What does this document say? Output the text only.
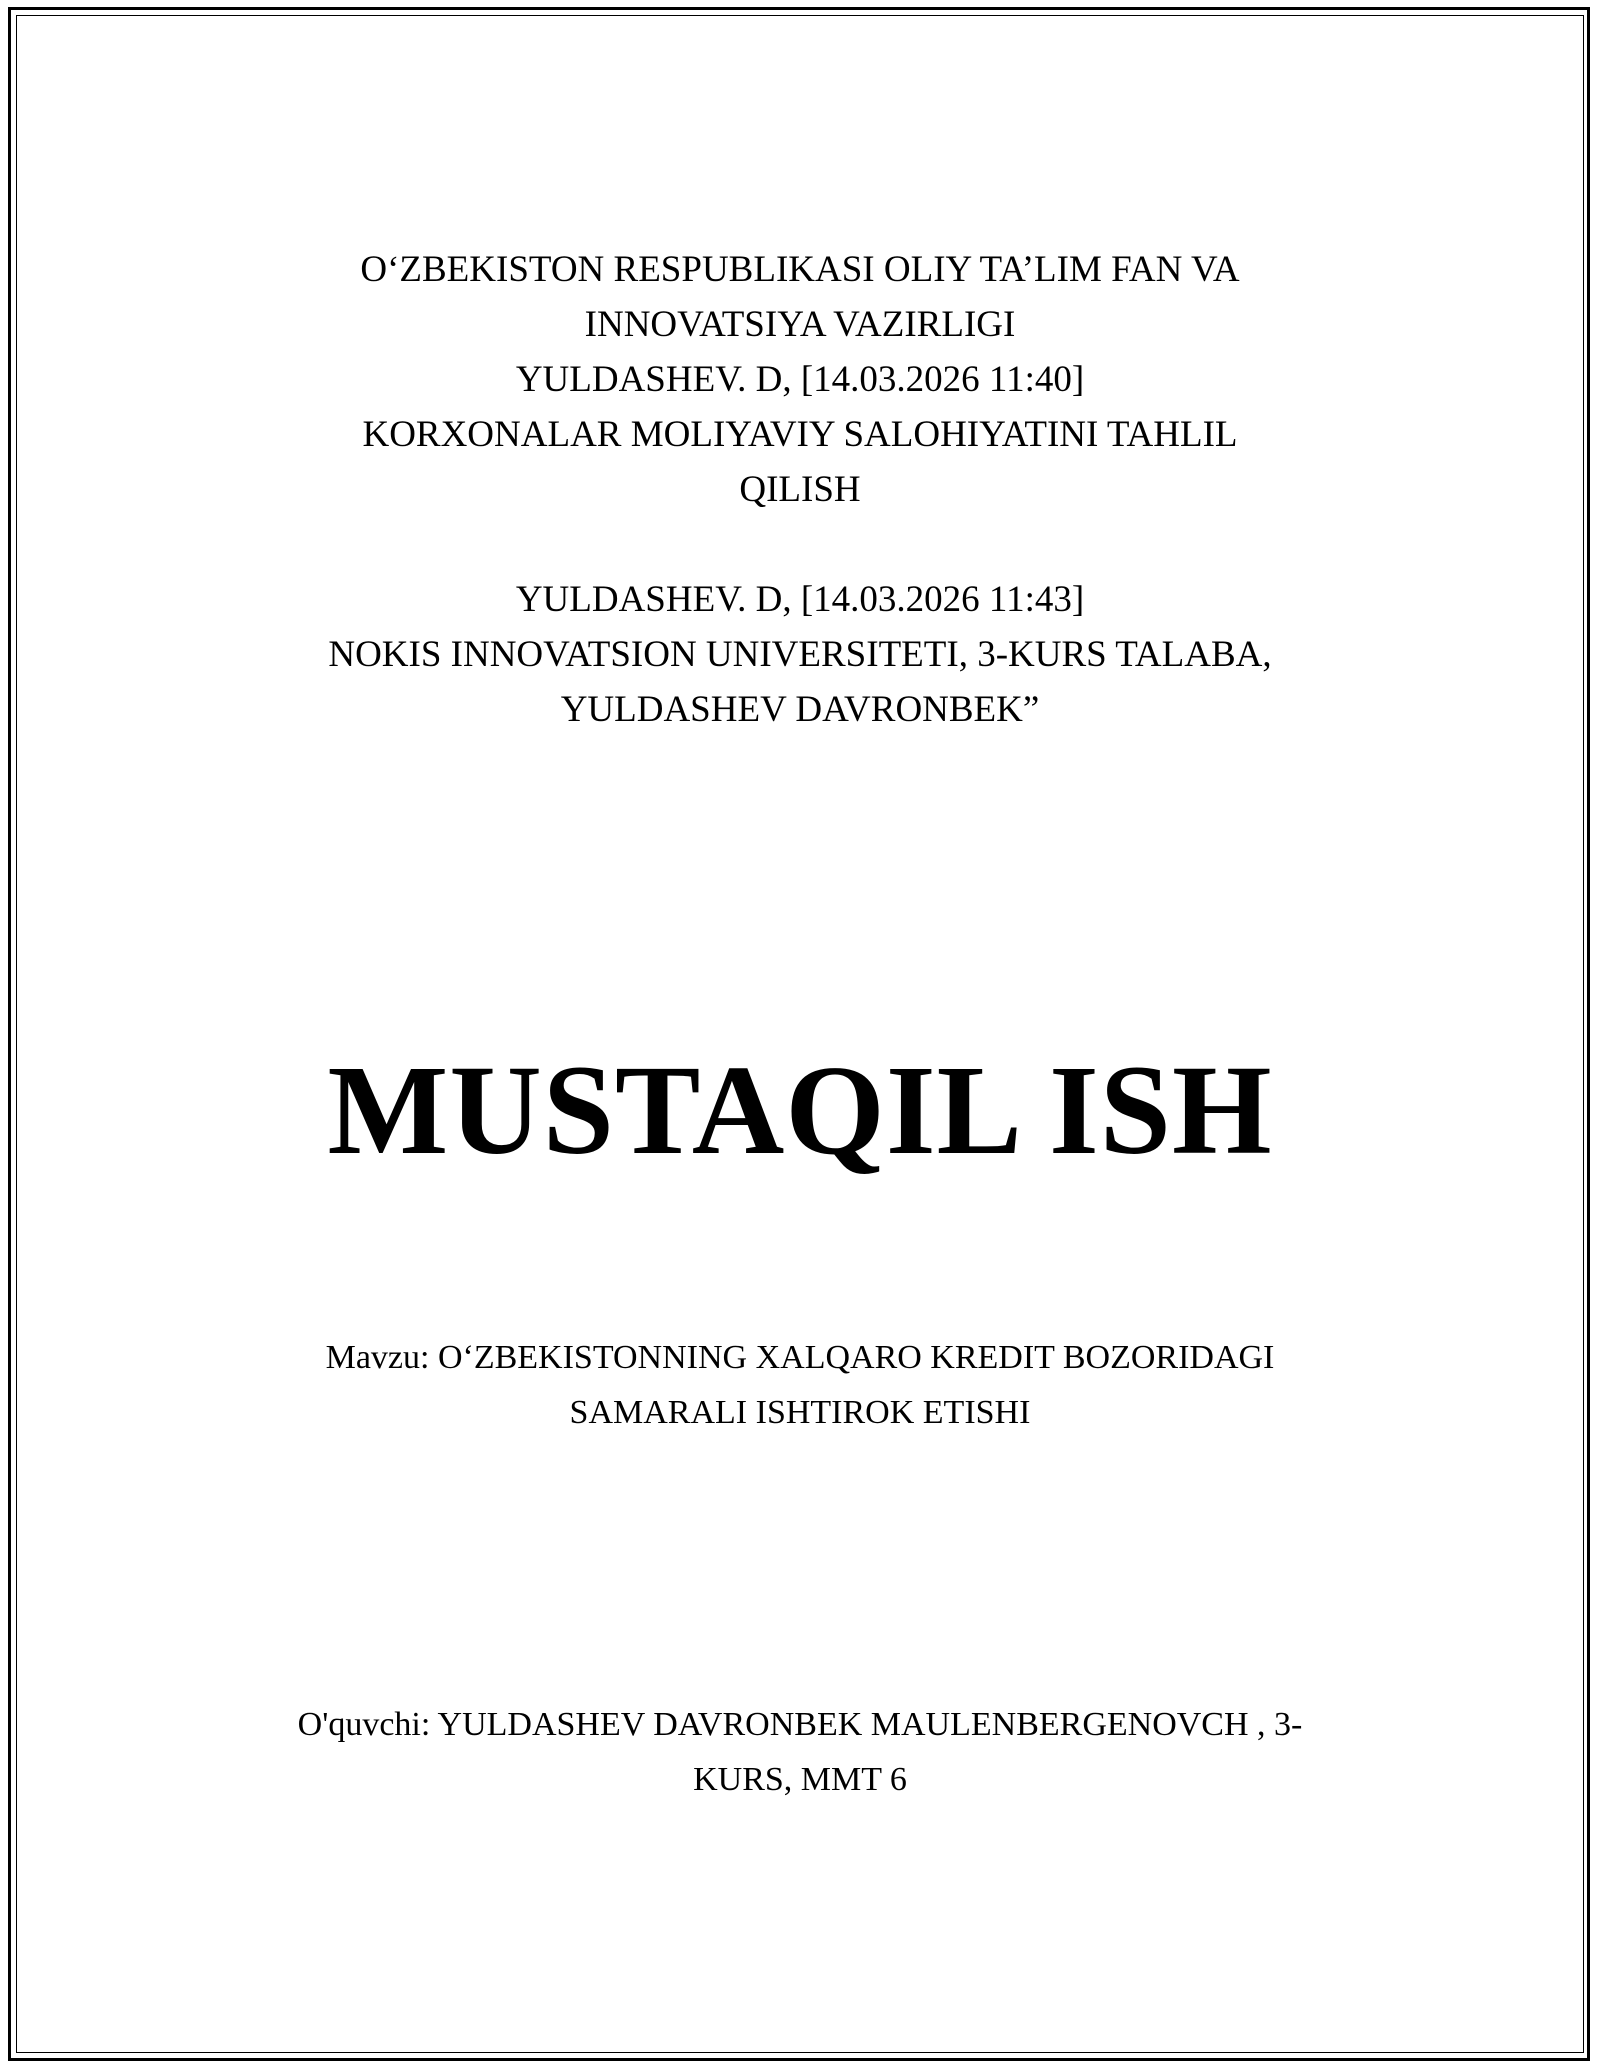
O‘ZBEKISTON RESPUBLIKASI OLIY TA’LIM FAN VA
INNOVATSIYA VAZIRLIGI
YULDASHEV. D, [14.03.2026 11:40]
KORXONALAR MOLIYAVIY SALOHIYATINI TAHLIL
QILISH
YULDASHEV. D, [14.03.2026 11:43]
NOKIS INNOVATSION UNIVERSITETI, 3-KURS TALABA,
YULDASHEV DAVRONBEK”
MUSTAQIL ISH
Mavzu: O‘ZBEKISTONNING XALQARO KREDIT BOZORIDAGI
SAMARALI ISHTIROK ETISHI
O'quvchi: YULDASHEV DAVRONBEK MAULENBERGENOVCH , 3-
KURS, MMT 6
